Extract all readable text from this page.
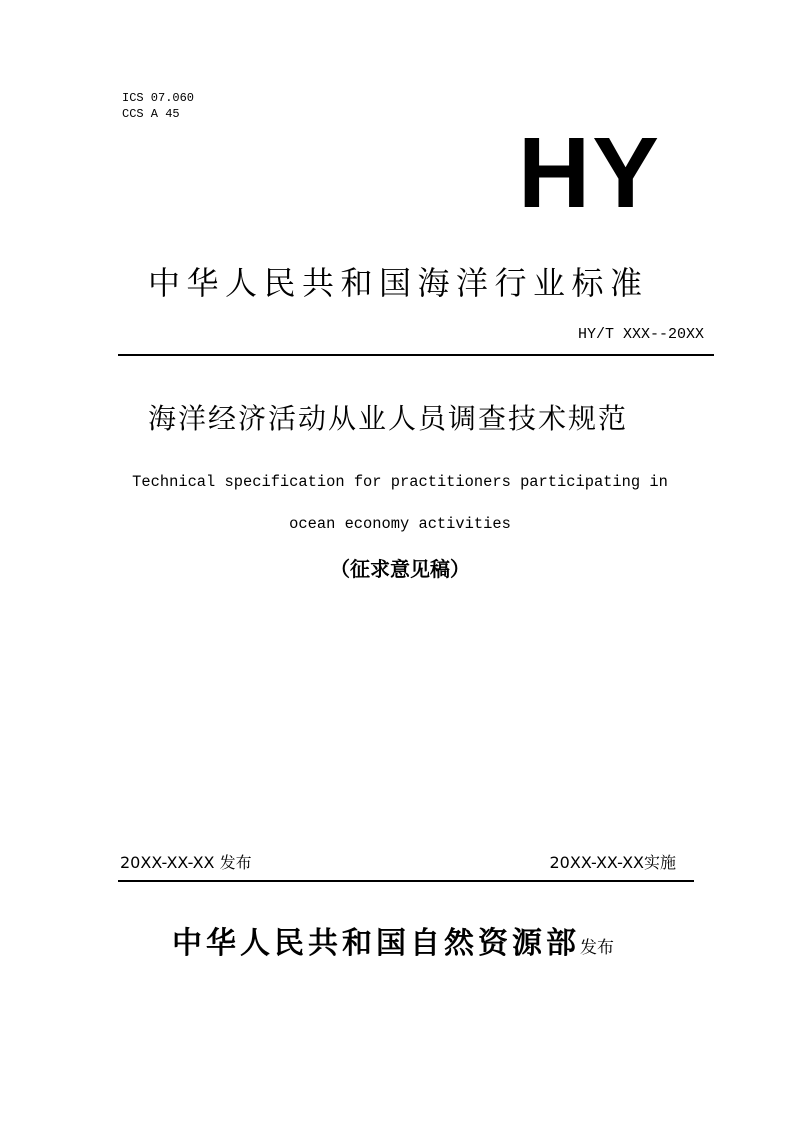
ICS 07.060
CCS A 45
HY
中华人民共和国海洋行业标准
HY/T XXX--20XX
海洋经济活动从业人员调查技术规范
Technical specification for practitioners participating in
ocean economy activities
（征求意见稿）
20XX-XX-XX 发布	20XX-XX-XX实施
中华人民共和国自然资源部发布
